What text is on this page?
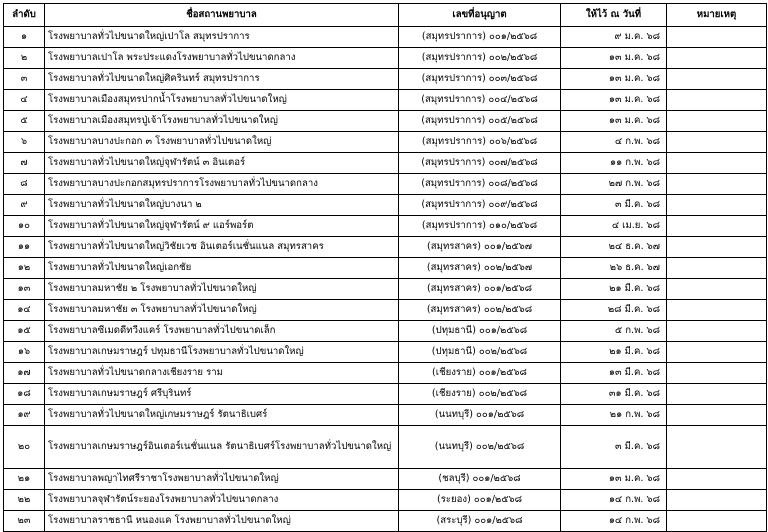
ลำดับ	ชื่อสถานพยาบาล	เลขที่อนุญาต	ให้ไว้ ณ วันที่	หมายเหตุ
๑	โรงพยาบาลทั่วไปขนาดใหญ่เปาโล สมุทรปราการ	(สมุทรปราการ) ๐๐๑/๒๕๖๘	๙ ม.ค. ๖๘	
๒	โรงพยาบาลเปาโล พระประแดงโรงพยาบาลทั่วไปขนาดกลาง	(สมุทรปราการ) ๐๐๒/๒๕๖๘	๑๓ ม.ค. ๖๘	
๓	โรงพยาบาลทั่วไปขนาดใหญ่ศิครินทร์ สมุทรปราการ	(สมุทรปราการ) ๐๐๓/๒๕๖๘	๑๓ ม.ค. ๖๘	
๔	โรงพยาบาลเมืองสมุทรปากน้ำโรงพยาบาลทั่วไปขนาดใหญ่	(สมุทรปราการ) ๐๐๔/๒๕๖๘	๑๓ ม.ค. ๖๘	
๕	โรงพยาบาลเมืองสมุทรปู่เจ้าโรงพยาบาลทั่วไปขนาดใหญ่	(สมุทรปราการ) ๐๐๕/๒๕๖๘	๑๓ ม.ค. ๖๘	
๖	โรงพยาบาลบางปะกอก ๓ โรงพยาบาลทั่วไปขนาดใหญ่	(สมุทรปราการ) ๐๐๖/๒๕๖๘	๔ ก.พ. ๖๘	
๗	โรงพยาบาลทั่วไปขนาดใหญ่จุฬารัตน์ ๓ อินเตอร์	(สมุทรปราการ) ๐๐๗/๒๕๖๘	๑๑ ก.พ. ๖๘	
๘	โรงพยาบาลบางปะกอกสมุทรปราการโรงพยาบาลทั่วไปขนาดกลาง	(สมุทรปราการ) ๐๐๘/๒๕๖๘	๒๗ ก.พ. ๖๘	
๙	โรงพยาบาลทั่วไปขนาดใหญ่บางนา ๒	(สมุทรปราการ) ๐๐๙/๒๕๖๘	๓ มี.ค. ๖๘	
๑๐	โรงพยาบาลทั่วไปขนาดใหญ่จุฬารัตน์ ๙ แอร์พอร์ต	(สมุทรปราการ) ๐๑๐/๒๕๖๘	๔ เม.ย. ๖๘	
๑๑	โรงพยาบาลทั่วไปขนาดใหญ่วิชัยเวช อินเตอร์เนชั่นแนล สมุทรสาคร	(สมุทรสาคร) ๐๐๑/๒๕๖๗	๒๔ ธ.ค. ๖๗	
๑๒	โรงพยาบาลทั่วไปขนาดใหญ่เอกชัย	(สมุทรสาคร) ๐๐๒/๒๕๖๗	๒๖ ธ.ค. ๖๗	
๑๓	โรงพยาบาลมหาชัย ๒ โรงพยาบาลทั่วไปขนาดใหญ่	(สมุทรสาคร) ๐๐๑/๒๕๖๘	๒๑ มี.ค. ๖๘	
๑๔	โรงพยาบาลมหาชัย ๓ โรงพยาบาลทั่วไปขนาดใหญ่	(สมุทรสาคร) ๐๐๒/๒๕๖๘	๒๘ มี.ค. ๖๘	
๑๕	โรงพยาบาลซีเมดดีทวีงแคร์ โรงพยาบาลทั่วไปขนาดเล็ก	(ปทุมธานี) ๐๐๑/๒๕๖๘	๕ ก.พ. ๖๘	
๑๖	โรงพยาบาลเกษมราษฎร์ ปทุมธานีโรงพยาบาลทั่วไปขนาดใหญ่	(ปทุมธานี) ๐๐๒/๒๕๖๘	๒๑ มี.ค. ๖๘	
๑๗	โรงพยาบาลทั่วไปขนาดกลางเชียงราย ราม	(เชียงราย) ๐๐๑/๒๕๖๘	๑๓ มี.ค. ๖๘	
๑๘	โรงพยาบาลเกษมราษฎร์ ศรีบุรินทร์	(เชียงราย) ๐๐๒/๒๕๖๘	๓๑ มี.ค. ๖๘	
๑๙	โรงพยาบาลทั่วไปขนาดใหญ่เกษมราษฎร์ รัตนาธิเบศร์	(นนทบุรี) ๐๐๑/๒๕๖๘	๒๑ ก.พ. ๖๘	
๒๐	โรงพยาบาลเกษมราษฎร์อินเตอร์เนชั่นแนล รัตนาธิเบศร์โรงพยาบาลทั่วไปขนาดใหญ่	(นนทบุรี) ๐๐๒/๒๕๖๘	๓ มี.ค. ๖๘	
๒๑	โรงพยาบาลพญาไทศรีราชาโรงพยาบาลทั่วไปขนาดใหญ่	(ชลบุรี) ๐๐๑/๒๕๖๘	๑๓ ม.ค. ๖๘	
๒๒	โรงพยาบาลจุฬารัตน์ระยองโรงพยาบาลทั่วไปขนาดกลาง	(ระยอง) ๐๐๑/๒๕๖๘	๑๔ ก.พ. ๖๘	
๒๓	โรงพยาบาลราชธานี หนองแค โรงพยาบาลทั่วไปขนาดใหญ่	(สระบุรี) ๐๐๑/๒๕๖๘	๑๔ ก.พ. ๖๘	
